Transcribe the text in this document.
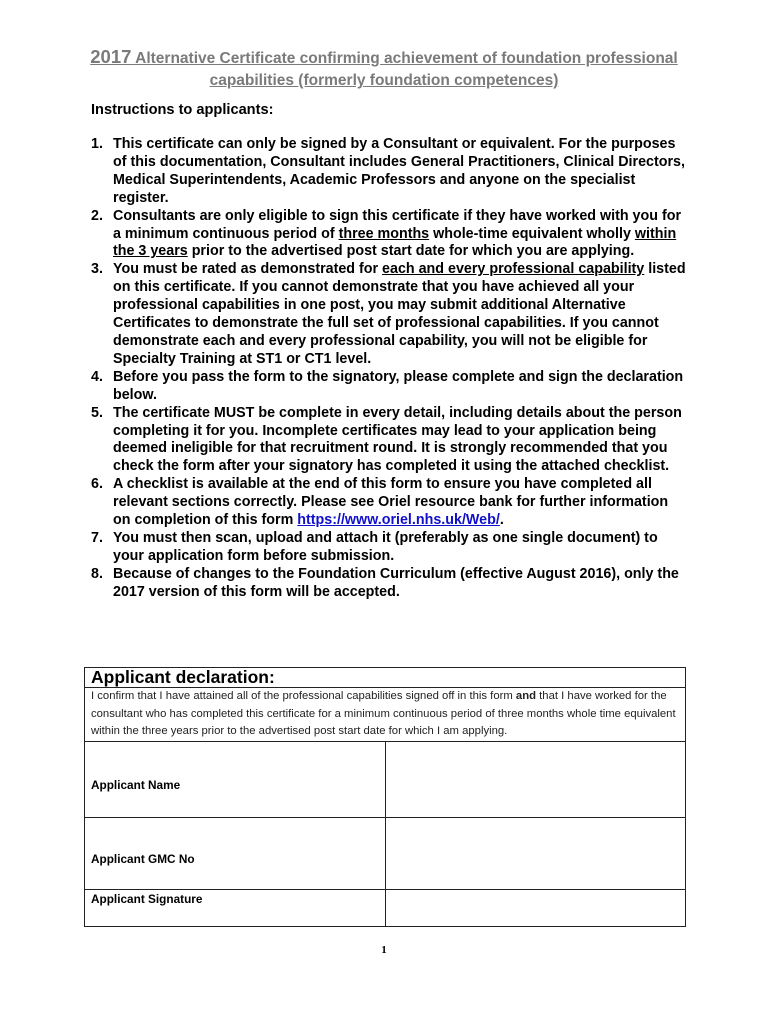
2017 Alternative Certificate confirming achievement of foundation professional
capabilities (formerly foundation competences)
Instructions to applicants:
1. This certificate can only be signed by a Consultant or equivalent. For the purposes of this documentation, Consultant includes General Practitioners, Clinical Directors, Medical Superintendents, Academic Professors and anyone on the specialist register.
2. Consultants are only eligible to sign this certificate if they have worked with you for a minimum continuous period of three months whole-time equivalent wholly within the 3 years prior to the advertised post start date for which you are applying.
3. You must be rated as demonstrated for each and every professional capability listed on this certificate. If you cannot demonstrate that you have achieved all your professional capabilities in one post, you may submit additional Alternative Certificates to demonstrate the full set of professional capabilities. If you cannot demonstrate each and every professional capability, you will not be eligible for Specialty Training at ST1 or CT1 level.
4. Before you pass the form to the signatory, please complete and sign the declaration below.
5. The certificate MUST be complete in every detail, including details about the person completing it for you. Incomplete certificates may lead to your application being deemed ineligible for that recruitment round. It is strongly recommended that you check the form after your signatory has completed it using the attached checklist.
6. A checklist is available at the end of this form to ensure you have completed all relevant sections correctly. Please see Oriel resource bank for further information on completion of this form https://www.oriel.nhs.uk/Web/.
7. You must then scan, upload and attach it (preferably as one single document) to your application form before submission.
8. Because of changes to the Foundation Curriculum (effective August 2016), only the 2017 version of this form will be accepted.
Applicant declaration:	
I confirm that I have attained all of the professional capabilities signed off in this form and that I have worked for the consultant who has completed this certificate for a minimum continuous period of three months whole time equivalent within the three years prior to the advertised post start date for which I am applying.	
Applicant Name	
Applicant GMC No	
Applicant Signature	
1
